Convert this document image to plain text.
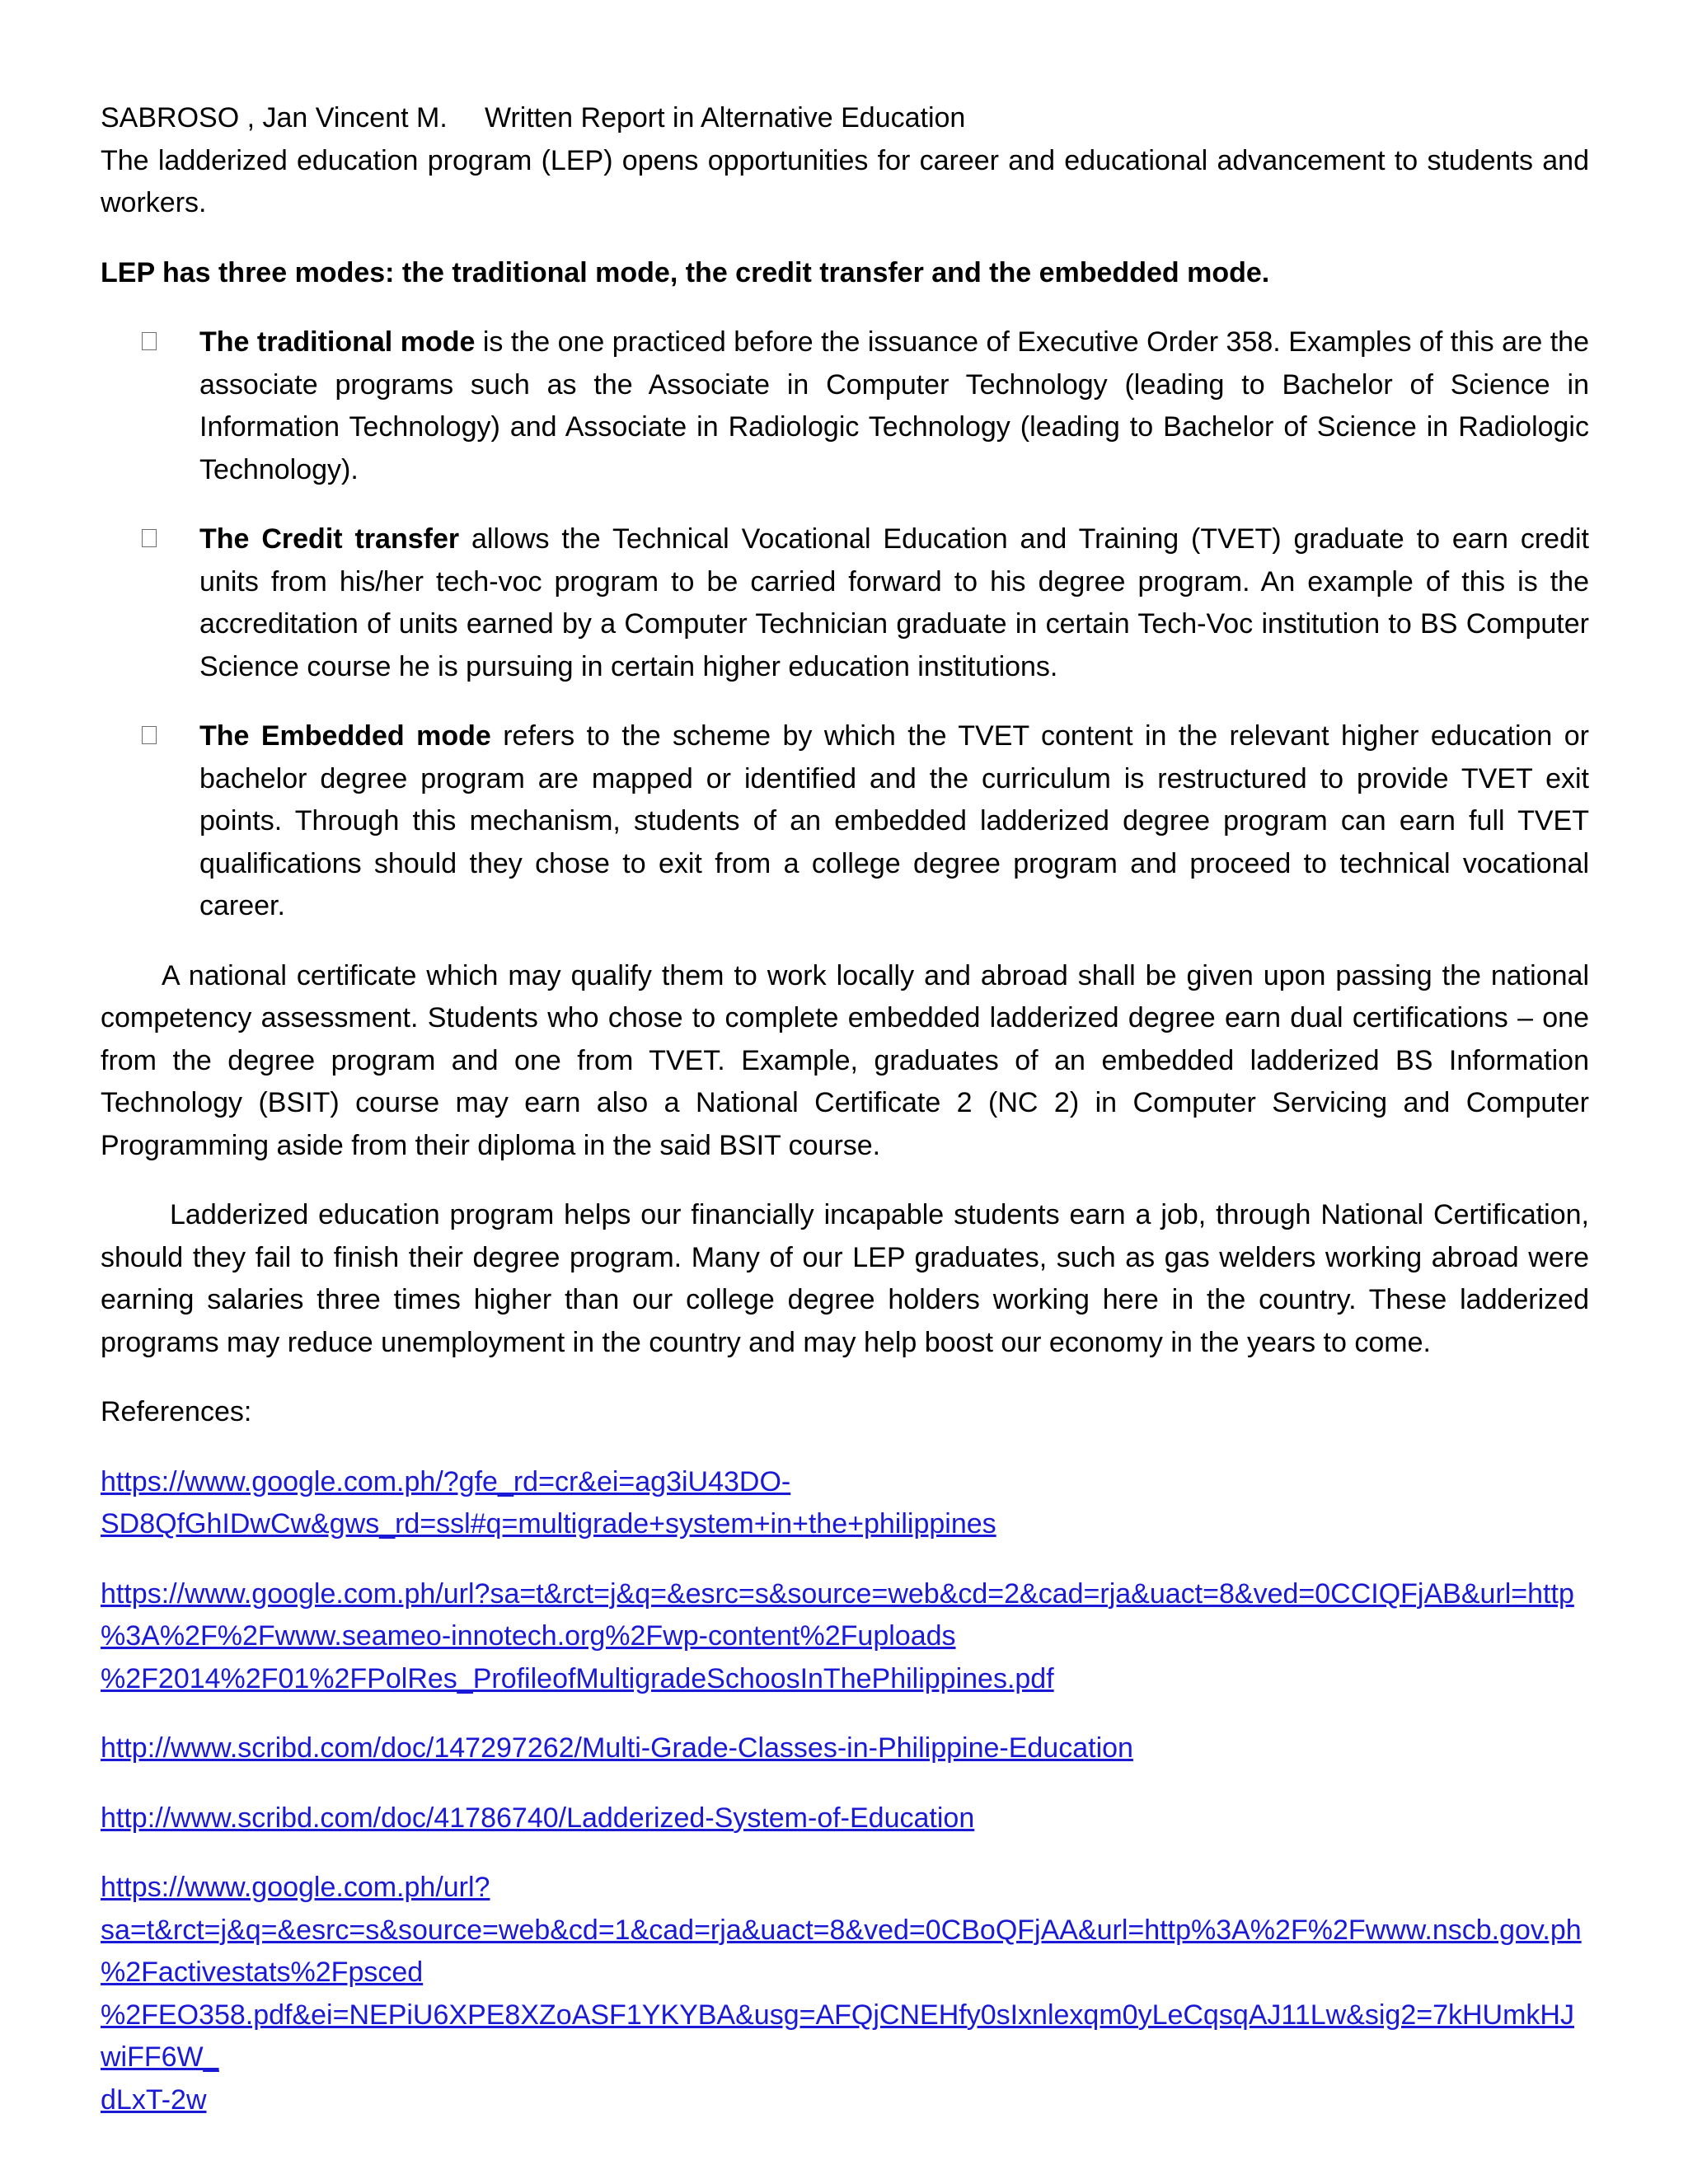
SABROSO , Jan Vincent M.	Written Report in Alternative Education

The ladderized education program (LEP) opens opportunities for career and educational advancement to students and workers.

LEP has three modes: the traditional mode, the credit transfer and the embedded mode.

The traditional mode is the one practiced before the issuance of Executive Order 358. Examples of this are the associate programs such as the Associate in Computer Technology (leading to Bachelor of Science in Information Technology) and Associate in Radiologic Technology (leading to Bachelor of Science in Radiologic Technology).
The Credit transfer allows the Technical Vocational Education and Training (TVET) graduate to earn credit units from his/her tech-voc program to be carried forward to his degree program. An example of this is the accreditation of units earned by a Computer Technician graduate in certain Tech-Voc institution to BS Computer Science course he is pursuing in certain higher education institutions.
The Embedded mode refers to the scheme by which the TVET content in the relevant higher education or bachelor degree program are mapped or identified and the curriculum is restructured to provide TVET exit points. Through this mechanism, students of an embedded ladderized degree program can earn full TVET qualifications should they chose to exit from a college degree program and proceed to technical vocational career.

A national certificate which may qualify them to work locally and abroad shall be given upon passing the national competency assessment. Students who chose to complete embedded ladderized degree earn dual certifications – one from the degree program and one from TVET. Example, graduates of an embedded ladderized BS Information Technology (BSIT) course may earn also a National Certificate 2 (NC 2) in Computer Servicing and Computer Programming aside from their diploma in the said BSIT course.

Ladderized education program helps our financially incapable students earn a job, through National Certification, should they fail to finish their degree program. Many of our LEP graduates, such as gas welders working abroad were earning salaries three times higher than our college degree holders working here in the country. These ladderized programs may reduce unemployment in the country and may help boost our economy in the years to come.

References:

https://www.google.com.ph/?gfe_rd=cr&ei=ag3iU43DO-
SD8QfGhIDwCw&gws_rd=ssl#q=multigrade+system+in+the+philippines
https://www.google.com.ph/url?sa=t&rct=j&q=&esrc=s&source=web&cd=2&cad=rja&uact=8&ved=0CCIQFjAB&url=http
%3A%2F%2Fwww.seameo-innotech.org%2Fwp-content%2Fuploads
%2F2014%2F01%2FPolRes_ProfileofMultigradeSchoosInThePhilippines.pdf
http://www.scribd.com/doc/147297262/Multi-Grade-Classes-in-Philippine-Education
http://www.scribd.com/doc/41786740/Ladderized-System-of-Education
https://www.google.com.ph/url?
sa=t&rct=j&q=&esrc=s&source=web&cd=1&cad=rja&uact=8&ved=0CBoQFjAA&url=http%3A%2F%2Fwww.nscb.gov.ph
%2Factivestats%2Fpsced
%2FEO358.pdf&ei=NEPiU6XPE8XZoASF1YKYBA&usg=AFQjCNEHfy0sIxnlexqm0yLeCqsqAJ11Lw&sig2=7kHUmkHJwiFF6W_
dLxT-2w
